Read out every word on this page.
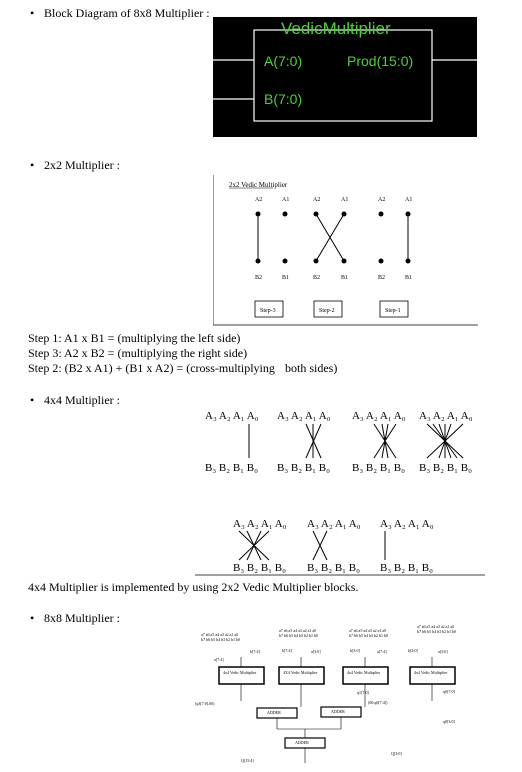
• Block Diagram of 8x8 Multiplier :
VedicMultiplier
A(7:0)
B(7:0)
Prod(15:0)
• 2x2 Multiplier :
2x2 Vedic Multiplier
A2	A1	A2	A1	A2	A1
B2	B1	B2	B1	B2	B1
Step-3	Step-2	Step-1
Step 1: A1 x B1 = (multiplying the left side)
Step 3: A2 x B2 = (multiplying the right side)
Step 2: (B2 x A1) + (B1 x A2) = (cross-multiplying both sides)
• 4x4 Multiplier :
A₃ A₂ A₁ A₀ A₃ A₂ A₁ A₀ A₃ A₂ A₁ A₀ A₃ A₂ A₁ A₀
B₃ B₂ B₁ B₀ B₃ B₂ B₁ B₀ B₃ B₂ B₁ B₀ B₃ B₂ B₁ B₀
A₃ A₂ A₁ A₀ A₃ A₂ A₁ A₀ A₃ A₂ A₁ A₀
B₃ B₂ B₁ B₀ B₃ B₂ B₁ B₀ B₃ B₂ B₁ B₀
4x4 Multiplier is implemented by using 2x2 Vedic Multiplier blocks.
• 8x8 Multiplier :
a7 a6 a5 a4 a3 a2 a1 a0
b7 b6 b5 b4 b3 b2 b1 b0
a7 a6 a5 a4 a3 a2 a1 a0
b7 b6 b5 b4 b3 b2 b1 b0
a7 a6 a5 a4 a3 a2 a1 a0
b7 b6 b5 b4 b3 b2 b1 b0
a7 a6 a5 a4 a3 a2 a1 a0
b7 b6 b5 b4 b3 b2 b1 b0
a[7:4]
b[7:4]	b[7:4]	a[3:0]	b[3:0]	a[7:4]	b[3:0]	a[3:0]
4x4 Vedic Multiplier	4X4 Vedic Multiplier	4x4 Vedic Multiplier	4x4 Vedic Multiplier
ADDER	ADDER
ADDER
(q3[7:0],00)
q1[7:0]	q0[7:0]
(00,q0[7:4])
q0[3:0]
Q[15:4]
Q[3:0]
